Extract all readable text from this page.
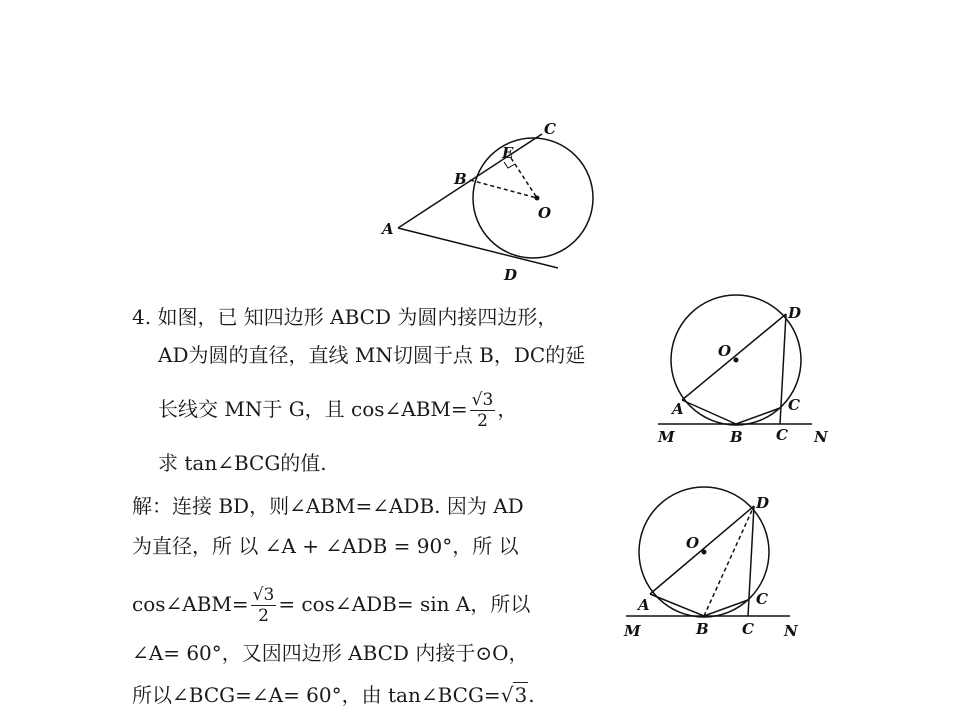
A
B
C
E
O
D
4. 如图，已 知四边形 ABCD 为圆内接四边形，
AD为圆的直径，直线 MN切圆于点 B，DC的延
长线交 MN于 G，且 cos∠ABM= $\frac{√3}{2}$ ，
求 tan∠BCG的值.
O
D
A	C
M	B C N
解：连接 BD，则∠ABM=∠ADB. 因为 AD
为直径，所 以 ∠A + ∠ADB = 90°，所 以
cos∠ABM= $\frac{√3}{2}$ = cos∠ADB= sin A，所以
∠A= 60°，又因四边形 ABCD 内接于⊙O，
所以∠BCG=∠A= 60°，由 tan∠BCG=√3.
O
D
A	C
M	B C N
